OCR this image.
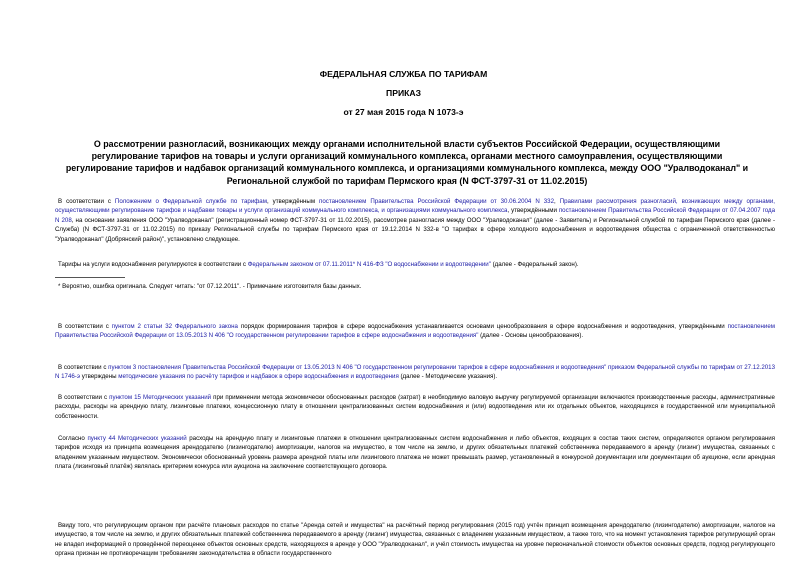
ФЕДЕРАЛЬНАЯ СЛУЖБА ПО ТАРИФАМ
ПРИКАЗ
от 27 мая 2015 года N 1073-э
О рассмотрении разногласий, возникающих между органами исполнительной власти субъектов Российской Федерации, осуществляющими регулирование тарифов на товары и услуги организаций коммунального комплекса, органами местного самоуправления, осуществляющими регулирование тарифов и надбавок организаций коммунального комплекса, и организациями коммунального комплекса, между ООО "Уралводоканал" и Региональной службой по тарифам Пермского края (N ФСТ-3797-31 от 11.02.2015)
В соответствии с Положением о Федеральной службе по тарифам, утверждённым постановлением Правительства Российской Федерации от 30.06.2004 N 332, Правилами рассмотрения разногласий, возникающих между органами, осуществляющими регулирование тарифов и надбавки товары и услуги организаций коммунального комплекса, и организациями коммунального комплекса, утверждёнными постановлением Правительства Российской Федерации от 07.04.2007 года N 208, на основании заявления ООО "Уралводоканал" (регистрационный номер ФСТ-3797-31 от 11.02.2015), рассмотрев разногласия между ООО "Уралводоканал" (далее - Заявитель) и Региональной службой по тарифам Пермского края (далее - Служба) (N ФСТ-3797-31 от 11.02.2015) по приказу Региональной службы по тарифам Пермского края от 19.12.2014 N 332-в "О тарифах в сфере холодного водоснабжения и водоотведения общества с ограниченной ответственностью "Уралводоканал" (Добрянский район)", установлено следующее.
Тарифы на услуги водоснабжения регулируются в соответствии с Федеральным законом от 07.11.2011* N 416-ФЗ "О водоснабжении и водоотведении" (далее - Федеральный закон).
* Вероятно, ошибка оригинала. Следует читать: "от 07.12.2011". - Примечание изготовителя базы данных.
В соответствии с пунктом 2 статьи 32 Федерального закона порядок формирования тарифов в сфере водоснабжения устанавливается основами ценообразования в сфере водоснабжения и водоотведения, утверждёнными постановлением Правительства Российской Федерации от 13.05.2013 N 406 "О государственном регулировании тарифов в сфере водоснабжения и водоотведения" (далее - Основы ценообразования).
В соответствии с пунктом 3 постановления Правительства Российской Федерации от 13.05.2013 N 406 "О государственном регулировании тарифов в сфере водоснабжения и водоотведения" приказом Федеральной службы по тарифам от 27.12.2013 N 1746-э утверждены методические указания по расчёту тарифов и надбавок в сфере водоснабжения и водоотведения (далее - Методические указания).
В соответствии с пунктом 15 Методических указаний при применении метода экономически обоснованных расходов (затрат) в необходимую валовую выручку регулируемой организации включаются производственные расходы, административные расходы, расходы на арендную плату, лизинговые платежи, концессионную плату в отношении централизованных систем водоснабжения и (или) водоотведения или их отдельных объектов, находящихся в государственной или муниципальной собственности.
Согласно пункту 44 Методических указаний расходы на арендную плату и лизинговые платежи в отношении централизованных систем водоснабжения и либо объектов, входящих в состав таких систем, определяются органом регулирования тарифов исходя из принципа возмещения арендодателю (лизингодателю) амортизации, налогов на имущество, в том числе на землю, и других обязательных платежей собственника передаваемого в аренду (лизинг) имущества, связанных с владением указанным имуществом. Экономически обоснованный уровень размера арендной платы или лизингового платежа не может превышать размер, установленный в конкурсной документации или документации об аукционе, если арендная плата (лизинговый платёж) являлась критерием конкурса или аукциона на заключение соответствующего договора.
Ввиду того, что регулирующим органом при расчёте плановых расходов по статье "Аренда сетей и имущества" на расчётный период регулирования (2015 год) учтён принцип возмещения арендодателю (лизингодателю) амортизации, налогов на имущество, в том числе на землю, и других обязательных платежей собственника передаваемого в аренду (лизинг) имущества, связанных с владением указанным имуществом, а также того, что на момент установления тарифов регулирующий орган не владел информацией о проведённой переоценке объектов основных средств, находящихся в аренде у ООО "Уралводоканал", и учёл стоимость имущества на уровне первоначальной стоимости объектов основных средств, подход регулирующего органа признан не противоречащим требованиям законодательства в области государственного
